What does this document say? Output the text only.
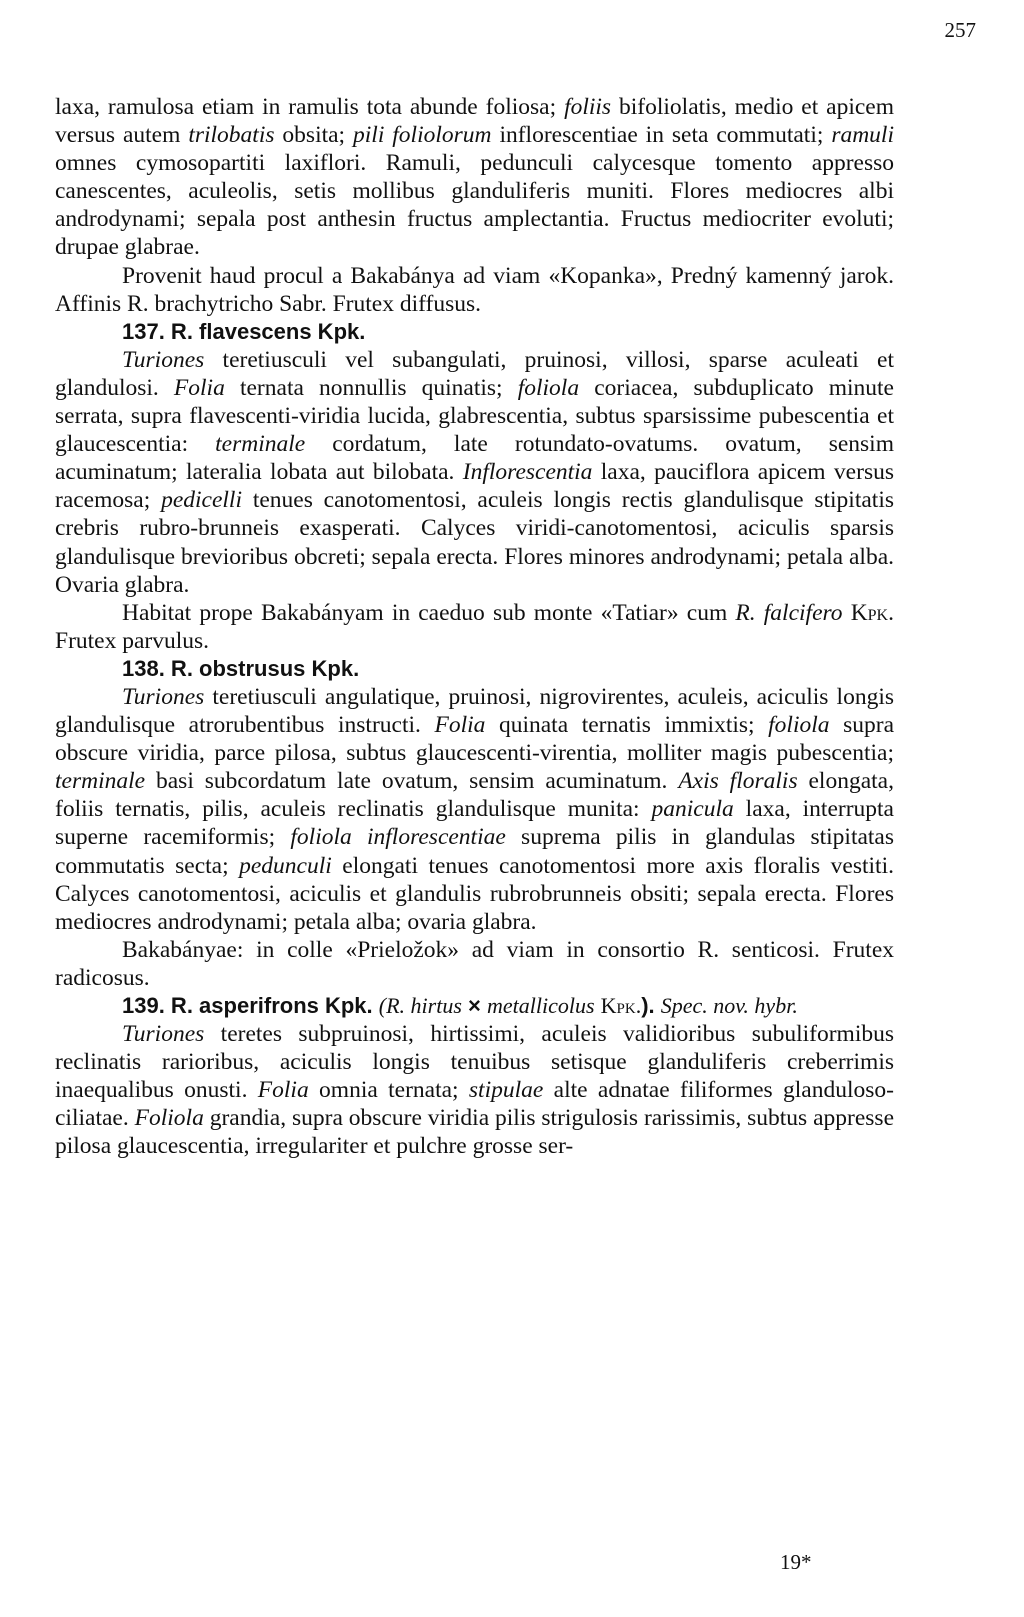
257

laxa, ramulosa etiam in ramulis tota abunde foliosa; foliis bifoliolatis, medio et apicem versus autem trilobatis obsita; pili foliolorum inflorescentiae in seta commutati; ramuli omnes cymosopartiti laxiflori. Ramuli, pedunculi calycesque tomento appresso canescentes, aculeolis, setis mollibus glanduliferis muniti. Flores mediocres albi androdynami; sepala post anthesin fructus amplectantia. Fructus mediocriter evoluti; drupae glabrae.

Provenit haud procul a Bakabánya ad viam «Kopanka», Predný kamenný jarok. Affinis R. brachytricho Sabr. Frutex diffusus.

137. R. flavescens Kpk.

Turiones teretiusculi vel subangulati, pruinosi, villosi, sparse aculeati et glandulosi. Folia ternata nonnullis quinatis; foliola coriacea, subduplicato minute serrata, supra flavescenti-viridia lucida, glabrescentia, subtus sparsissime pubescentia et glaucescentia: terminale cordatum, late rotundato-ovatums. ovatum, sensim acuminatum; lateralia lobata aut bilobata. Inflorescentia laxa, pauciflora apicem versus racemosa; pedicelli tenues canotomentosi, aculeis longis rectis glandulisque stipitatis crebris rubro-brunneis exasperati. Calyces viridi-canotomentosi, aciculis sparsis glandulisque brevioribus obcreti; sepala erecta. Flores minores androdynami; petala alba. Ovaria glabra.

Habitat prope Bakabányam in caeduo sub monte «Tatiar» cum R. falcifero Kpk. Frutex parvulus.

138. R. obstrusus Kpk.

Turiones teretiusculi angulatique, pruinosi, nigrovirentes, aculeis, aciculis longis glandulisque atrorubentibus instructi. Folia quinata ternatis immixtis; foliola supra obscure viridia, parce pilosa, subtus glaucescenti-virentia, molliter magis pubescentia; terminale basi subcordatum late ovatum, sensim acuminatum. Axis floralis elongata, foliis ternatis, pilis, aculeis reclinatis glandulisque munita: panicula laxa, interrupta superne racemiformis; foliola inflorescentiae suprema pilis in glandulas stipitatas commutatis secta; pedunculi elongati tenues canotomentosi more axis floralis vestiti. Calyces canotomentosi, aciculis et glandulis rubrobrunneis obsiti; sepala erecta. Flores mediocres androdynami; petala alba; ovaria glabra.

Bakabányae: in colle «Prieložok» ad viam in consortio R. senticosi. Frutex radicosus.

139. R. asperifrons Kpk. (R. hirtus × metallicolus Kpk.). Spec. nov. hybr.

Turiones teretes subpruinosi, hirtissimi, aculeis validioribus subuliformibus reclinatis rarioribus, aciculis longis tenuibus setisque glanduliferis creberrimis inaequalibus onusti. Folia omnia ternata; stipulae alte adnatae filiformes glanduloso-ciliatae. Foliola grandia, supra obscure viridia pilis strigulosis rarissimis, subtus appresse pilosa glaucescentia, irregulariter et pulchre grosse ser-

19*
